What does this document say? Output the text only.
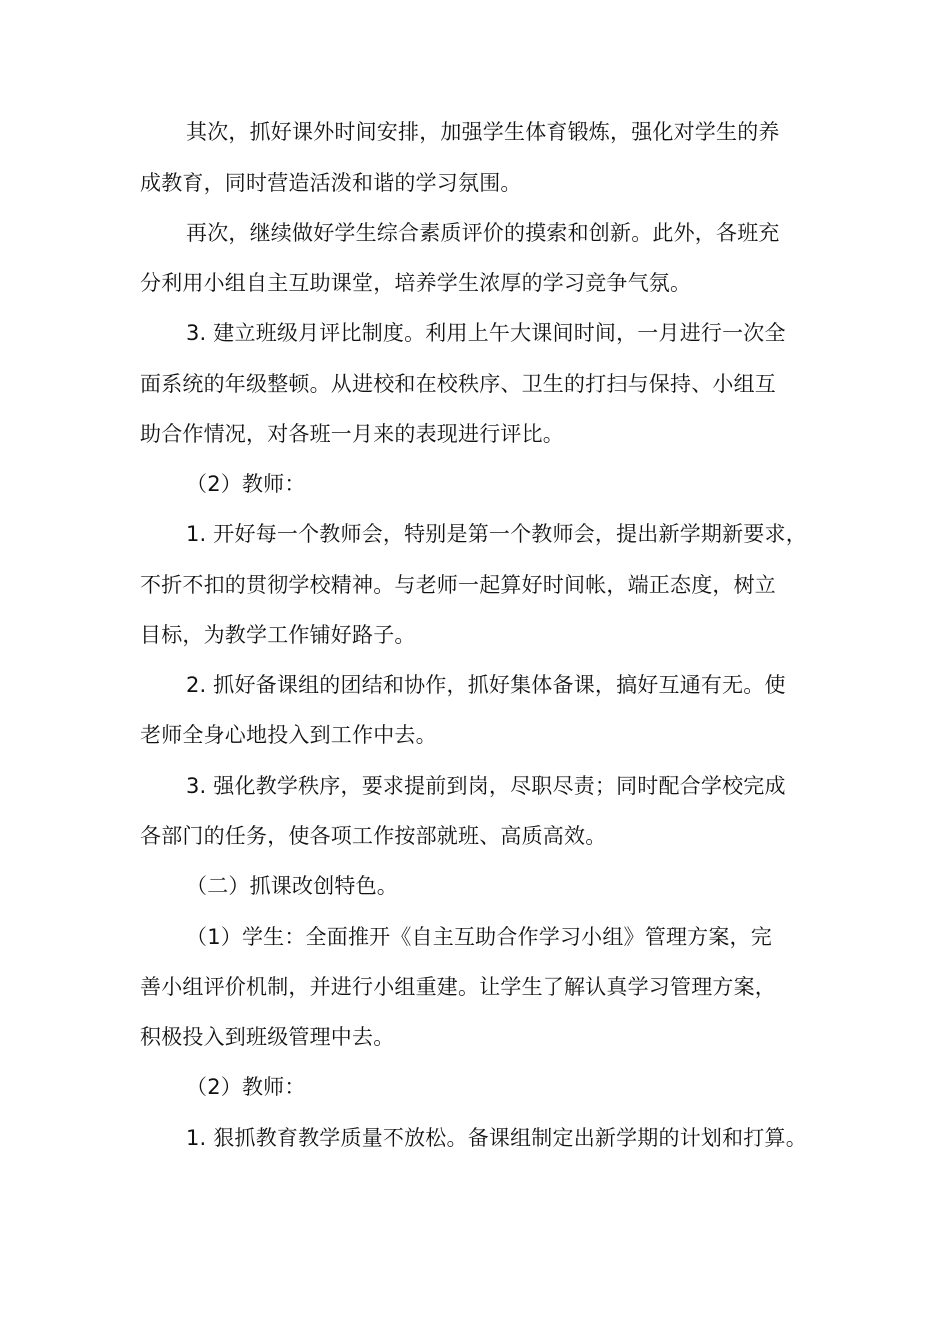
其次，抓好课外时间安排，加强学生体育锻炼，强化对学生的养
成教育，同时营造活泼和谐的学习氛围。
再次，继续做好学生综合素质评价的摸索和创新。此外，各班充
分利用小组自主互助课堂，培养学生浓厚的学习竞争气氛。
3. 建立班级月评比制度。利用上午大课间时间，一月进行一次全
面系统的年级整顿。从进校和在校秩序、卫生的打扫与保持、小组互
助合作情况，对各班一月来的表现进行评比。
（2）教师：
1. 开好每一个教师会，特别是第一个教师会，提出新学期新要求，
不折不扣的贯彻学校精神。与老师一起算好时间帐，端正态度，树立
目标，为教学工作铺好路子。
2. 抓好备课组的团结和协作，抓好集体备课，搞好互通有无。使
老师全身心地投入到工作中去。
3. 强化教学秩序，要求提前到岗，尽职尽责；同时配合学校完成
各部门的任务，使各项工作按部就班、高质高效。
（二）抓课改创特色。
（1）学生：全面推开《自主互助合作学习小组》管理方案，完
善小组评价机制，并进行小组重建。让学生了解认真学习管理方案，
积极投入到班级管理中去。
（2）教师：
1. 狠抓教育教学质量不放松。备课组制定出新学期的计划和打算。
